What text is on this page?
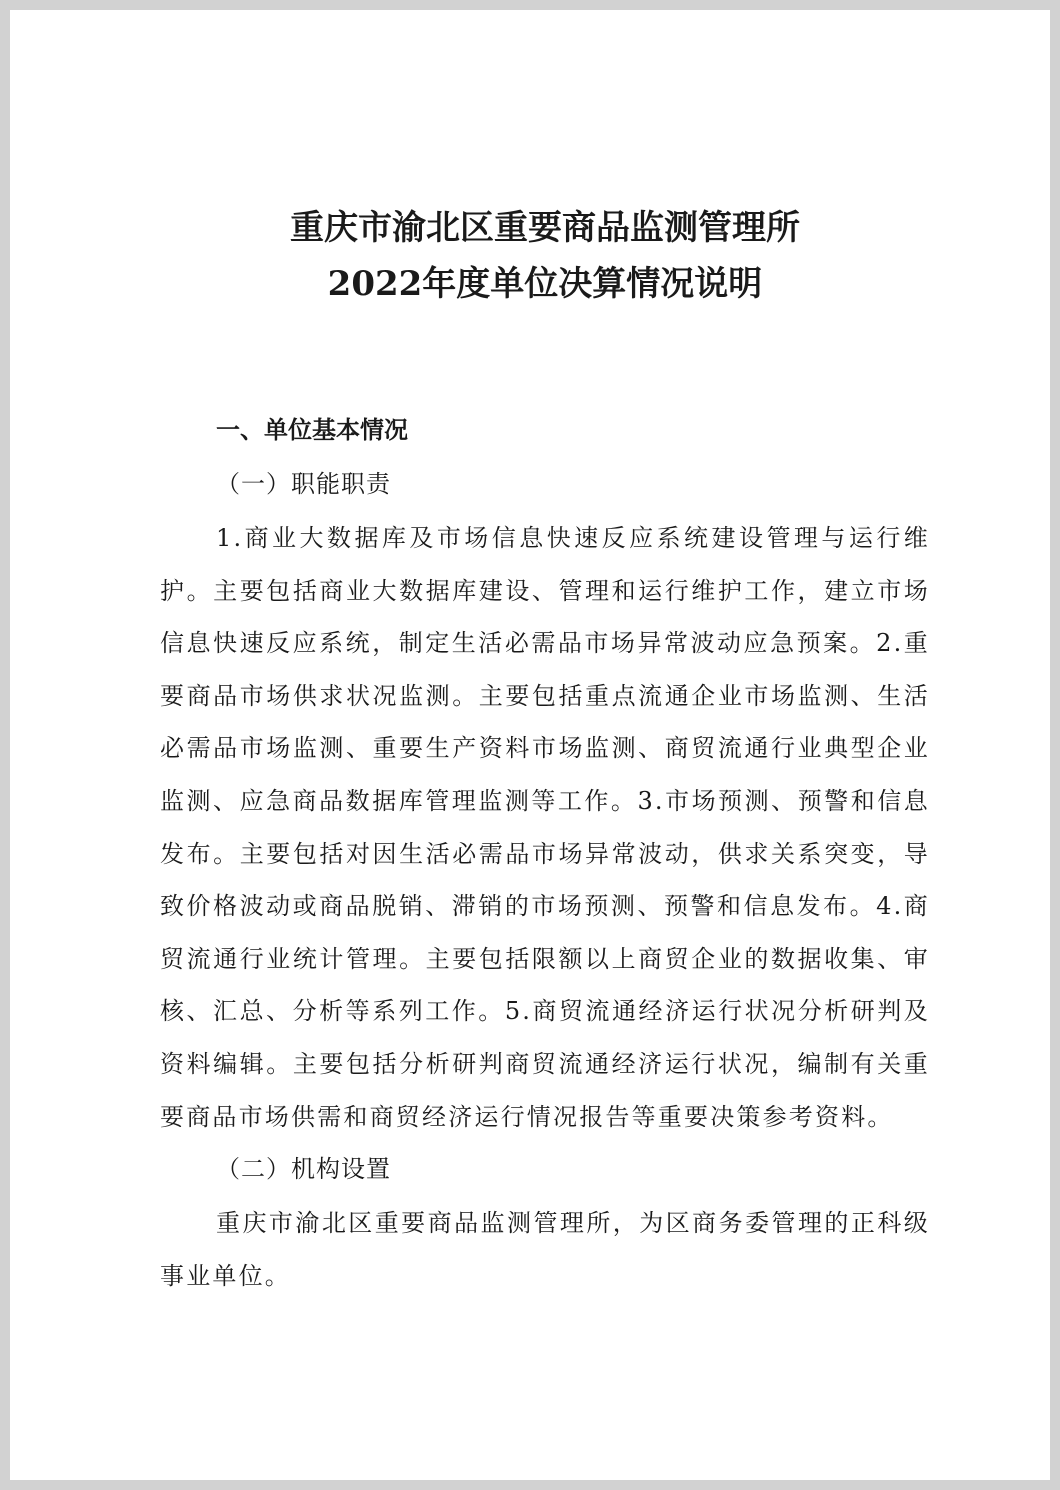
重庆市渝北区重要商品监测管理所
2022年度单位决算情况说明
一、单位基本情况
（一）职能职责

1.商业大数据库及市场信息快速反应系统建设管理与运行维护。主要包括商业大数据库建设、管理和运行维护工作，建立市场信息快速反应系统，制定生活必需品市场异常波动应急预案。2.重要商品市场供求状况监测。主要包括重点流通企业市场监测、生活必需品市场监测、重要生产资料市场监测、商贸流通行业典型企业监测、应急商品数据库管理监测等工作。3.市场预测、预警和信息发布。主要包括对因生活必需品市场异常波动，供求关系突变，导致价格波动或商品脱销、滞销的市场预测、预警和信息发布。4.商贸流通行业统计管理。主要包括限额以上商贸企业的数据收集、审核、汇总、分析等系列工作。5.商贸流通经济运行状况分析研判及资料编辑。主要包括分析研判商贸流通经济运行状况，编制有关重要商品市场供需和商贸经济运行情况报告等重要决策参考资料。

（二）机构设置

重庆市渝北区重要商品监测管理所，为区商务委管理的正科级事业单位。
